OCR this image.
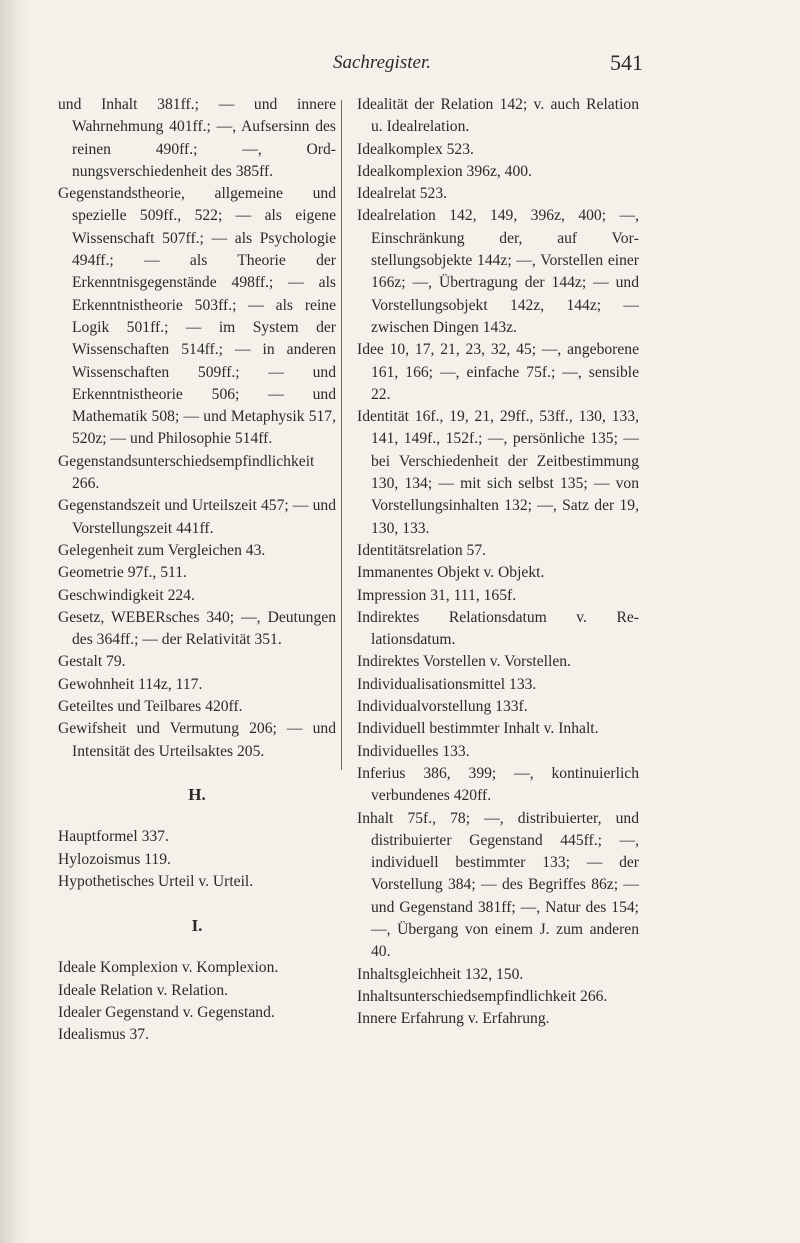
Sachregister.	541

und Inhalt 381ff.; — und innere Wahrnehmung 401ff.; —, Aufsersinn des reinen 490ff.; —, Ordnungsverschiedenheit des 385ff.

Gegenstandstheorie, allgemeine und spezielle 509ff., 522; — als eigene Wissenschaft 507ff.; — als Psychologie 494ff.; — als Theorie der Erkenntnisgegenstände 498ff.; — als Erkenntnistheorie 503ff.; — als reine Logik 501ff.; — im System der Wissenschaften 514ff.; — in anderen Wissenschaften 509ff.; — und Erkenntnistheorie 506; — und Mathematik 508; — und Metaphysik 517, 520z; — und Philosophie 514ff.

Gegenstandsunterschiedsempfindlichkeit 266.

Gegenstandszeit und Urteilszeit 457; — und Vorstellungszeit 441ff.

Gelegenheit zum Vergleichen 43.

Geometrie 97f., 511.

Geschwindigkeit 224.

Gesetz, WEBERsches 340; —, Deutungen des 364ff.; — der Relativität 351.

Gestalt 79.

Gewohnheit 114z, 117.

Geteiltes und Teilbares 420ff.

Gewifsheit und Vermutung 206; — und Intensität des Urteilsaktes 205.

H.

Hauptformel 337.

Hylozoismus 119.

Hypothetisches Urteil v. Urteil.

I.

Ideale Komplexion v. Komplexion.

Ideale Relation v. Relation.

Idealer Gegenstand v. Gegenstand.

Idealismus 37.

Idealität der Relation 142; v. auch Relation u. Idealrelation.

Idealkomplex 523.

Idealkomplexion 396z, 400.

Idealrelat 523.

Idealrelation 142, 149, 396z, 400; —, Einschränkung der, auf Vorstellungsobjekte 144z; —, Vorstellen einer 166z; —, Übertragung der 144z; — und Vorstellungsobjekt 142z, 144z; — zwischen Dingen 143z.

Idee 10, 17, 21, 23, 32, 45; —, angeborene 161, 166; —, einfache 75f.; —, sensible 22.

Identität 16f., 19, 21, 29ff., 53ff., 130, 133, 141, 149f., 152f.; —, persönliche 135; — bei Verschiedenheit der Zeitbestimmung 130, 134; — mit sich selbst 135; — von Vorstellungsinhalten 132; —, Satz der 19, 130, 133.

Identitätsrelation 57.

Immanentes Objekt v. Objekt.

Impression 31, 111, 165f.

Indirektes Relationsdatum v. Relationsdatum.

Indirektes Vorstellen v. Vorstellen.

Individualisationsmittel 133.

Individualvorstellung 133f.

Individuell bestimmter Inhalt v. Inhalt.

Individuelles 133.

Inferius 386, 399; —, kontinuierlich verbundenes 420ff.

Inhalt 75f., 78; —, distribuierter, und distribuierter Gegenstand 445ff.; —, individuell bestimmter 133; — der Vorstellung 384; — des Begriffes 86z; — und Gegenstand 381ff; —, Natur des 154; —, Übergang von einem J. zum anderen 40.

Inhaltsgleichheit 132, 150.

Inhaltsunterschiedsempfindlichkeit 266.

Innere Erfahrung v. Erfahrung.
